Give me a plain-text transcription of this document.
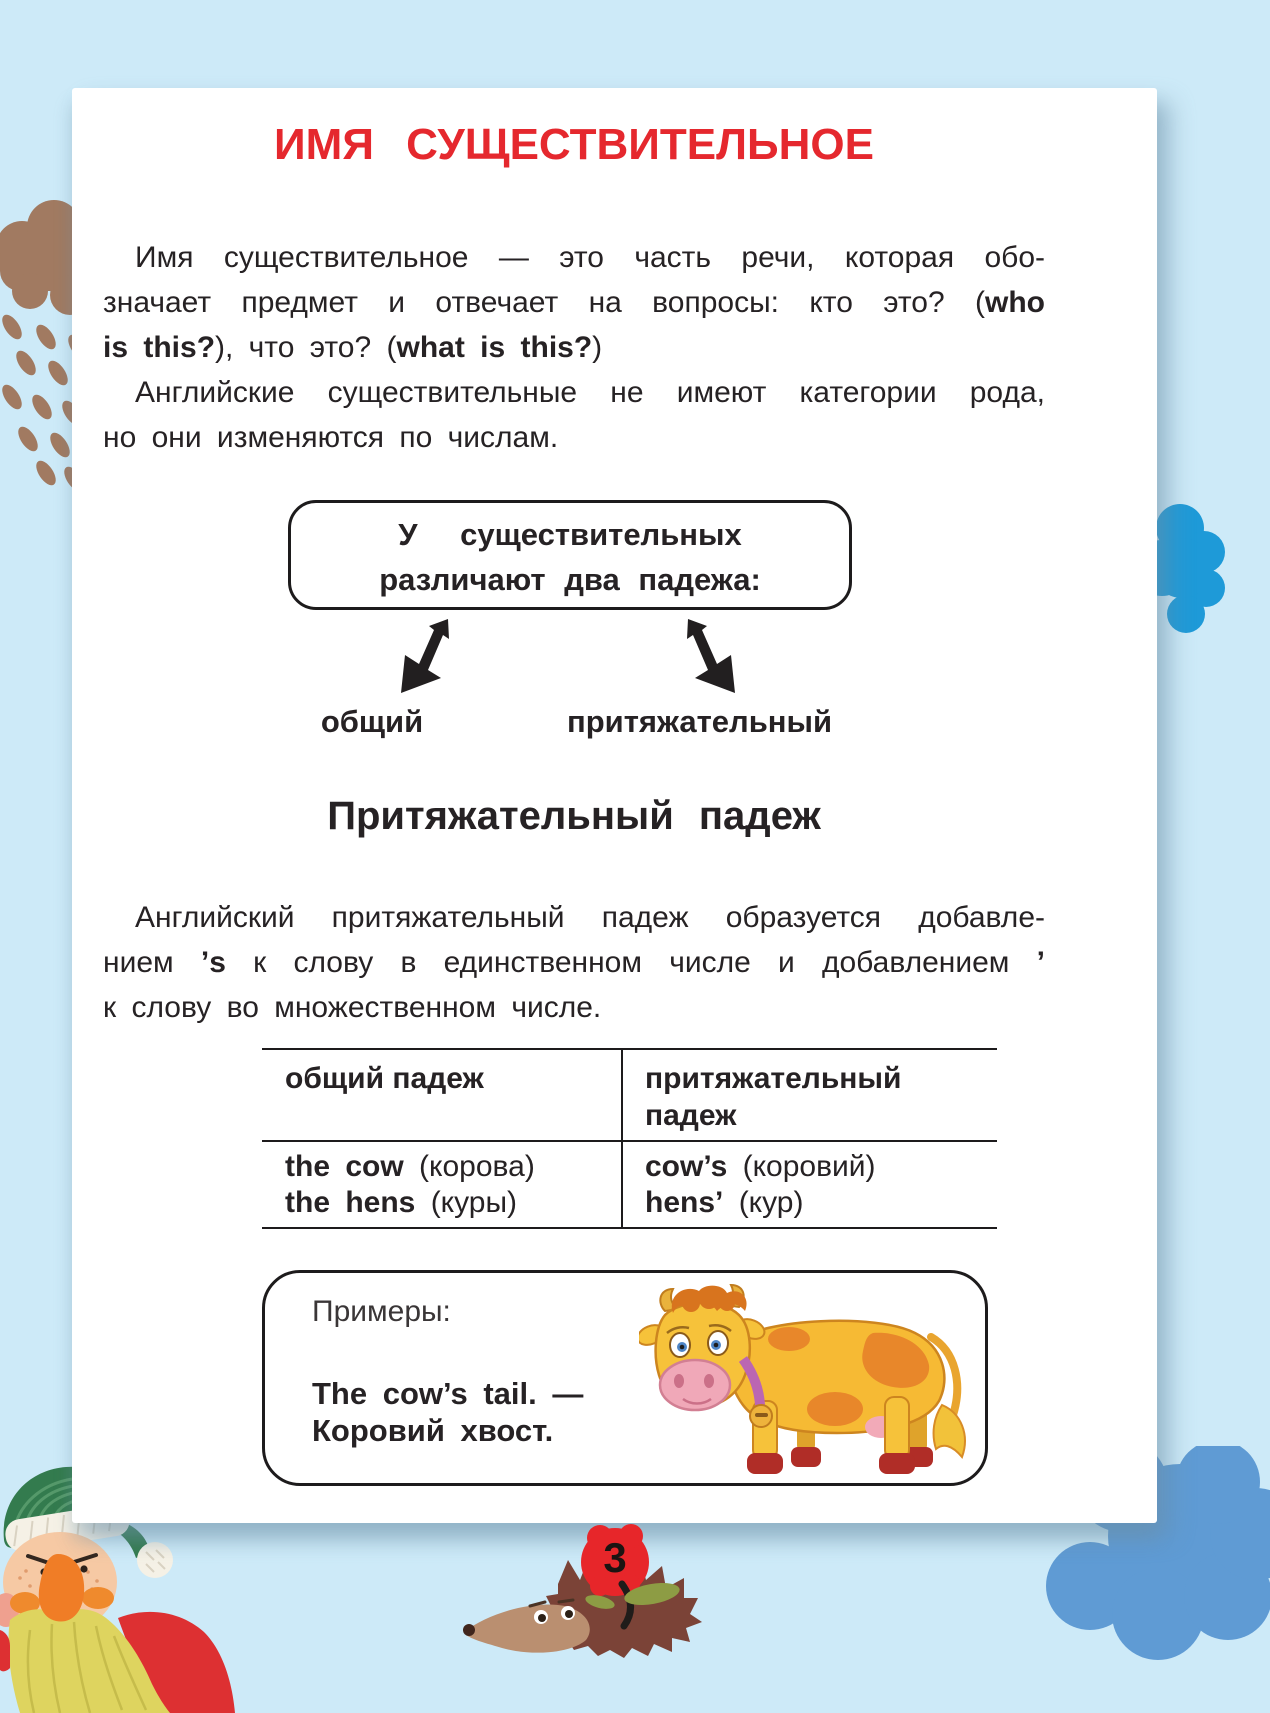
ИМЯ СУЩЕСТВИТЕЛЬНОЕ
Имя существительное — это часть речи, которая обо-
значает предмет и отвечает на вопросы: кто это? (who
is this?), что это? (what is this?)
Английские существительные не имеют категории рода,
но они изменяются по числам.
У существительных
различают два падежа:
общий	притяжательный
Притяжательный падеж
Английский притяжательный падеж образуется добавле-
нием ’s к слову в единственном числе и добавлением ’
к слову во множественном числе.
общий падеж	притяжательный падеж
the cow (корова)
the hens (куры)
cow’s (коровий)
hens’ (кур)
Примеры:
The cow’s tail. —
Коровий хвост.
3
